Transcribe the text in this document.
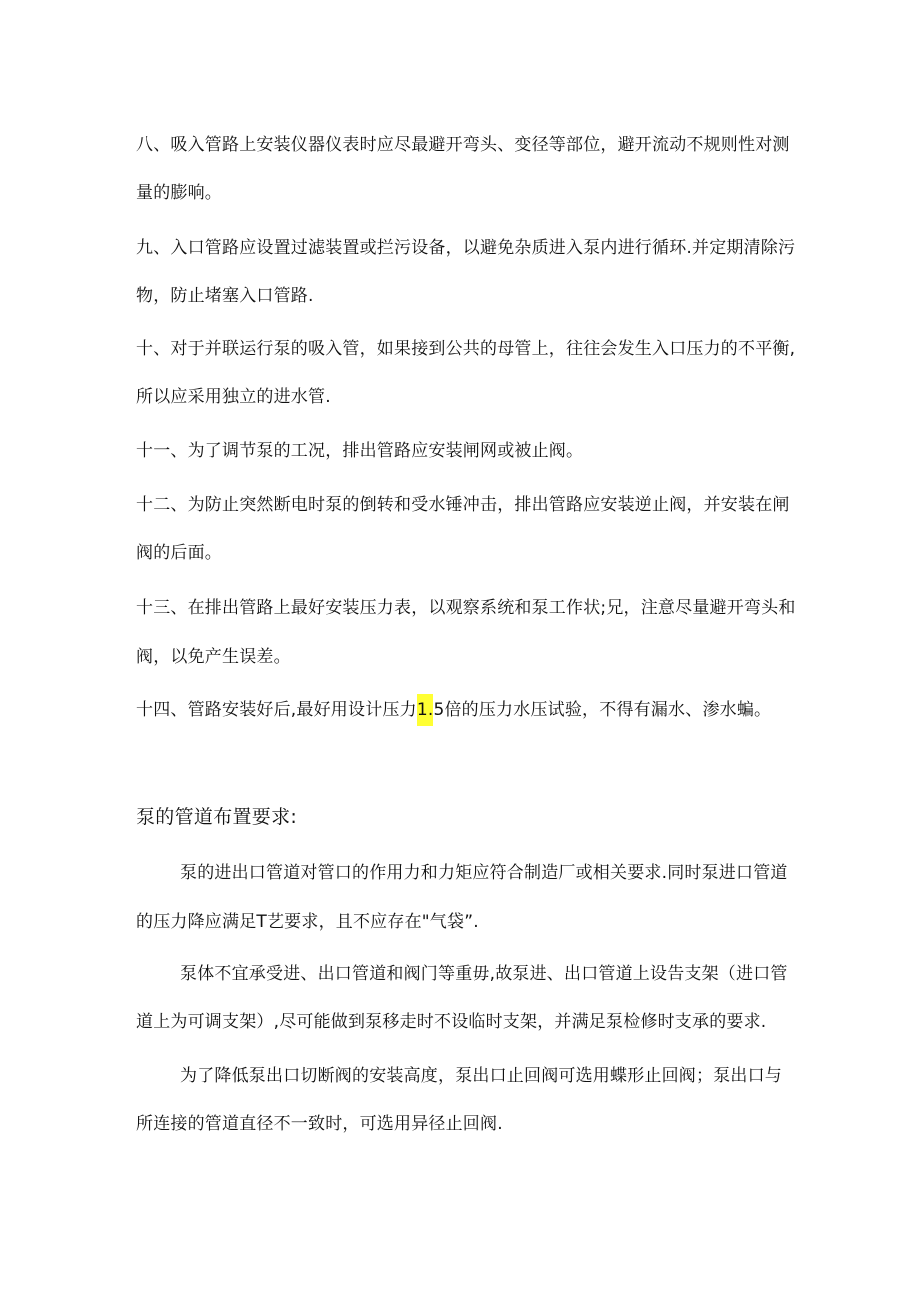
八、吸入管路上安装仪器仪表时应尽最避开弯头、变径等部位，避开流动不规则性对测
量的膨响。
九、入口管路应设置过滤装置或拦污设备，以避免杂质进入泵内进行循环.并定期清除污
物，防止堵塞入口管路.
十、对于并联运行泵的吸入管，如果接到公共的母管上，往往会发生入口压力的不平衡,
所以应采用独立的进水管.
十一、为了调节泵的工况，排出管路应安装闸网或被止阀。
十二、为防止突然断电时泵的倒转和受水锤冲击，排出管路应安装逆止阀，并安装在闸
阀的后面。
十三、在排出管路上最好安装压力表，以观察系统和泵工作状;兄，注意尽量避开弯头和
阀，以免产生误差。
十四、管路安装好后,最好用设计压力1.5倍的压力水压试验，不得有漏水、渗水蝙。
泵的管道布置要求:
泵的进出口管道对管口的作用力和力矩应符合制造厂或相关要求.同时泵进口管道
的压力降应满足T艺要求，且不应存在"气袋”.
泵体不宜承受进、出口管道和阀门等重毋,故泵进、出口管道上设告支架（进口管
道上为可调支架）,尽可能做到泵移走时不设临时支架，并满足泵检修时支承的要求.
为了降低泵出口切断阀的安装高度，泵出口止回阀可选用蝶形止回阀；泵出口与
所连接的管道直径不一致时，可选用异径止回阀.
